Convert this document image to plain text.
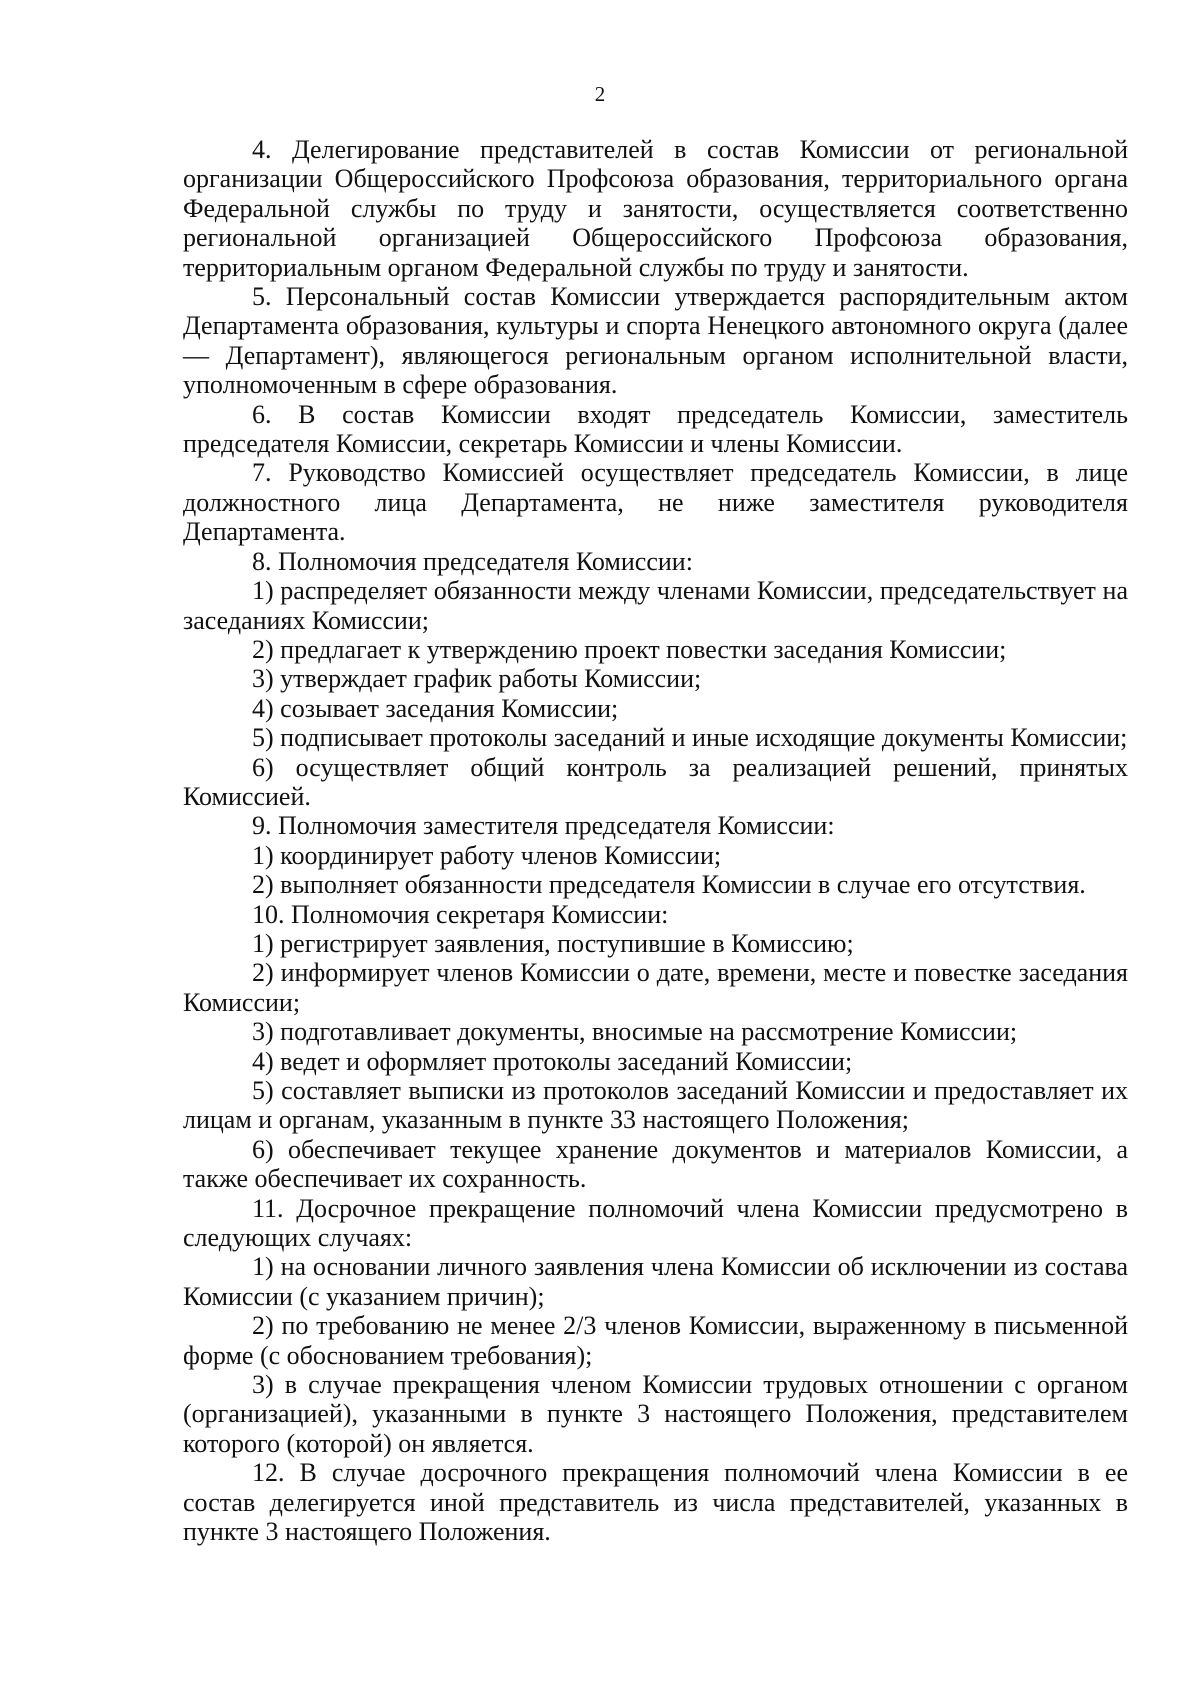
2

4. Делегирование представителей в состав Комиссии от региональной организации Общероссийского Профсоюза образования, территориального органа Федеральной службы по труду и занятости, осуществляется соответственно региональной организацией Общероссийского Профсоюза образования, территориальным органом Федеральной службы по труду и занятости.

5. Персональный состав Комиссии утверждается распорядительным актом Департамента образования, культуры и спорта Ненецкого автономного округа (далее — Департамент), являющегося региональным органом исполнительной власти, уполномоченным в сфере образования.

6. В состав Комиссии входят председатель Комиссии, заместитель председателя Комиссии, секретарь Комиссии и члены Комиссии.

7. Руководство Комиссией осуществляет председатель Комиссии, в лице должностного лица Департамента, не ниже заместителя руководителя Департамента.

8. Полномочия председателя Комиссии:

1) распределяет обязанности между членами Комиссии, председательствует на заседаниях Комиссии;

2) предлагает к утверждению проект повестки заседания Комиссии;

3) утверждает график работы Комиссии;

4) созывает заседания Комиссии;

5) подписывает протоколы заседаний и иные исходящие документы Комиссии;

6) осуществляет общий контроль за реализацией решений, принятых Комиссией.

9. Полномочия заместителя председателя Комиссии:

1) координирует работу членов Комиссии;

2) выполняет обязанности председателя Комиссии в случае его отсутствия.

10. Полномочия секретаря Комиссии:

1) регистрирует заявления, поступившие в Комиссию;

2) информирует членов Комиссии о дате, времени, месте и повестке заседания Комиссии;

3) подготавливает документы, вносимые на рассмотрение Комиссии;

4) ведет и оформляет протоколы заседаний Комиссии;

5) составляет выписки из протоколов заседаний Комиссии и предоставляет их лицам и органам, указанным в пункте 33 настоящего Положения;

6) обеспечивает текущее хранение документов и материалов Комиссии, а также обеспечивает их сохранность.

11. Досрочное прекращение полномочий члена Комиссии предусмотрено в следующих случаях:

1) на основании личного заявления члена Комиссии об исключении из состава Комиссии (с указанием причин);

2) по требованию не менее 2/3 членов Комиссии, выраженному в письменной форме (с обоснованием требования);

3) в случае прекращения членом Комиссии трудовых отношении с органом (организацией), указанными в пункте 3 настоящего Положения, представителем которого (которой) он является.

12. В случае досрочного прекращения полномочий члена Комиссии в ее состав делегируется иной представитель из числа представителей, указанных в пункте 3 настоящего Положения.
